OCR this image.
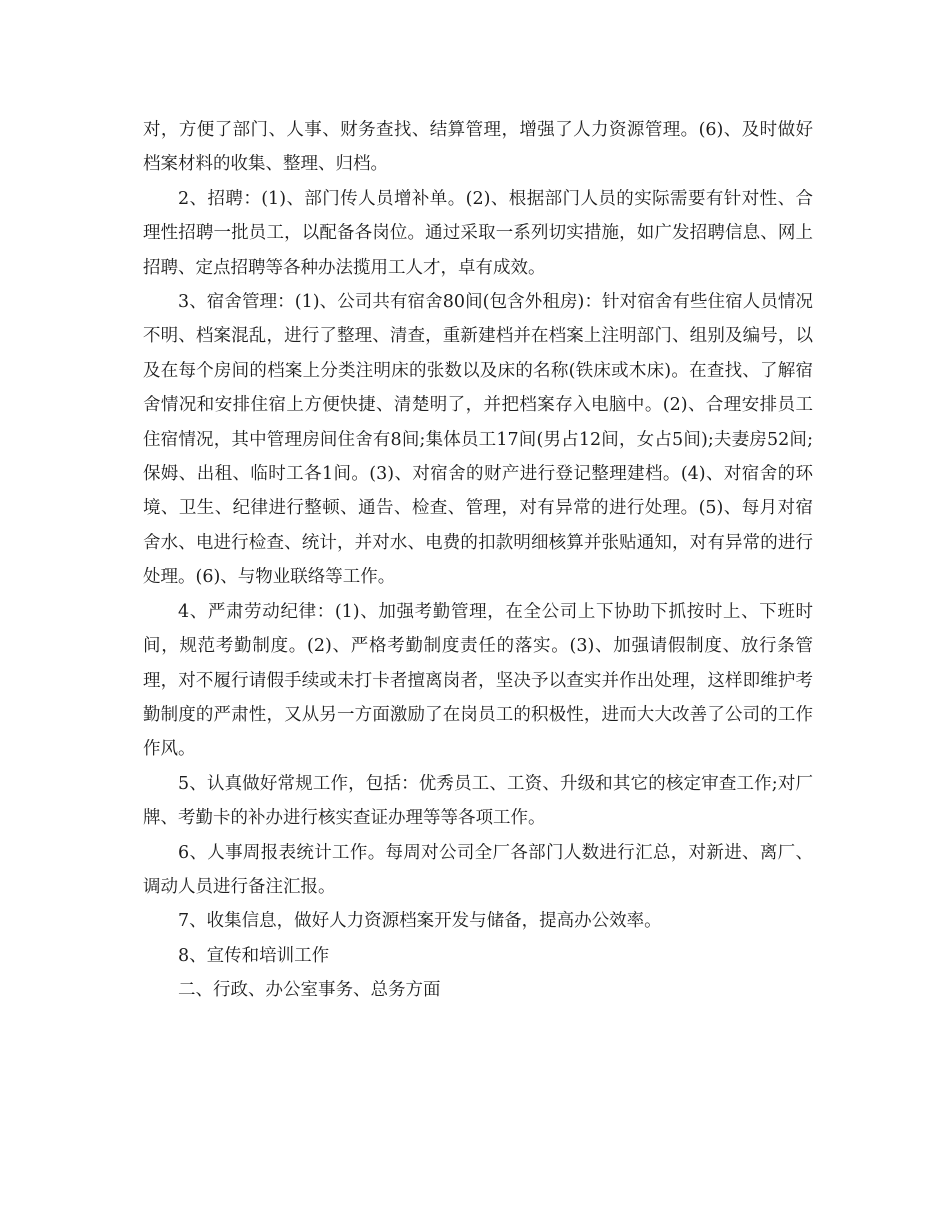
对，方便了部门、人事、财务查找、结算管理，增强了人力资源管理。(6)、及时做好档案材料的收集、整理、归档。

2、招聘：(1)、部门传人员增补单。(2)、根据部门人员的实际需要有针对性、合理性招聘一批员工，以配备各岗位。通过采取一系列切实措施，如广发招聘信息、网上招聘、定点招聘等各种办法揽用工人才，卓有成效。

3、宿舍管理：(1)、公司共有宿舍80间(包含外租房)：针对宿舍有些住宿人员情况不明、档案混乱，进行了整理、清查，重新建档并在档案上注明部门、组别及编号，以及在每个房间的档案上分类注明床的张数以及床的名称(铁床或木床)。在查找、了解宿舍情况和安排住宿上方便快捷、清楚明了，并把档案存入电脑中。(2)、合理安排员工住宿情况，其中管理房间住舍有8间;集体员工17间(男占12间，女占5间);夫妻房52间;保姆、出租、临时工各1间。(3)、对宿舍的财产进行登记整理建档。(4)、对宿舍的环境、卫生、纪律进行整顿、通告、检查、管理，对有异常的进行处理。(5)、每月对宿舍水、电进行检查、统计，并对水、电费的扣款明细核算并张贴通知，对有异常的进行处理。(6)、与物业联络等工作。

4、严肃劳动纪律：(1)、加强考勤管理，在全公司上下协助下抓按时上、下班时间，规范考勤制度。(2)、严格考勤制度责任的落实。(3)、加强请假制度、放行条管理，对不履行请假手续或未打卡者擅离岗者，坚决予以查实并作出处理，这样即维护考勤制度的严肃性，又从另一方面激励了在岗员工的积极性，进而大大改善了公司的工作作风。

5、认真做好常规工作，包括：优秀员工、工资、升级和其它的核定审查工作;对厂牌、考勤卡的补办进行核实查证办理等等各项工作。

6、人事周报表统计工作。每周对公司全厂各部门人数进行汇总，对新进、离厂、调动人员进行备注汇报。

7、收集信息，做好人力资源档案开发与储备，提高办公效率。

8、宣传和培训工作

二、行政、办公室事务、总务方面
